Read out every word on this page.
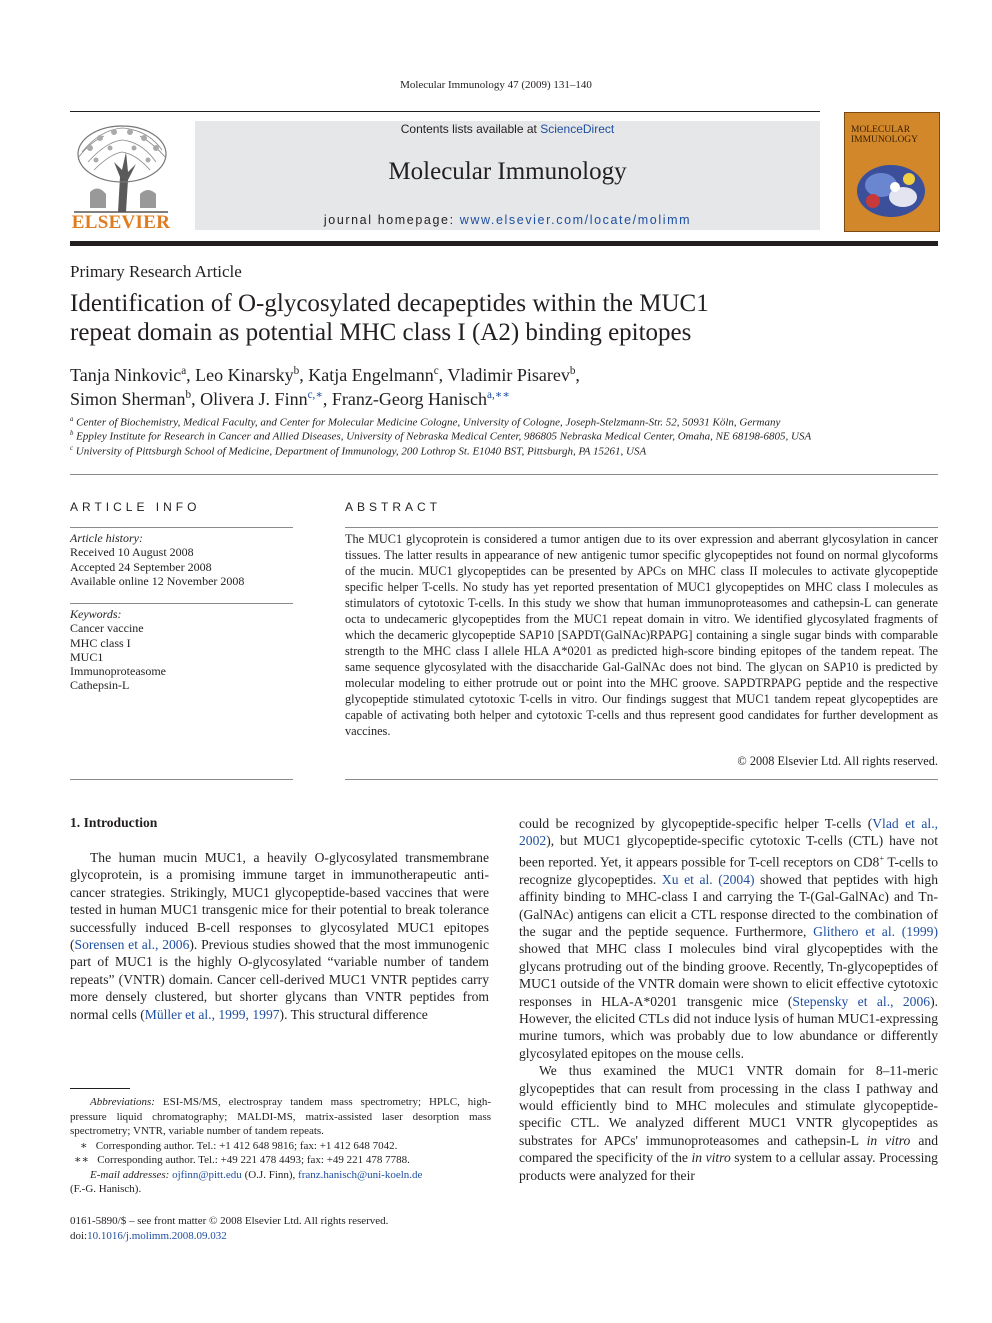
Molecular Immunology 47 (2009) 131–140
ELSEVIER
Contents lists available at ScienceDirect
Molecular Immunology
journal homepage: www.elsevier.com/locate/molimm
MOLECULAR IMMUNOLOGY
Primary Research Article
Identification of O-glycosylated decapeptides within the MUC1
repeat domain as potential MHC class I (A2) binding epitopes
Tanja Ninkovic$^a$, Leo Kinarsky$^b$, Katja Engelmann$^c$, Vladimir Pisarev$^b$,
Simon Sherman$^b$, Olivera J. Finn$^{c,∗}$, Franz-Georg Hanisch$^{a,∗∗}$
$^a$ Center of Biochemistry, Medical Faculty, and Center for Molecular Medicine Cologne, University of Cologne, Joseph-Stelzmann-Str. 52, 50931 Köln, Germany
$^b$ Eppley Institute for Research in Cancer and Allied Diseases, University of Nebraska Medical Center, 986805 Nebraska Medical Center, Omaha, NE 68198-6805, USA
$^c$ University of Pittsburgh School of Medicine, Department of Immunology, 200 Lothrop St. E1040 BST, Pittsburgh, PA 15261, USA
ARTICLE INFO
Article history:
Received 10 August 2008
Accepted 24 September 2008
Available online 12 November 2008
Keywords:
Cancer vaccine
MHC class I
MUC1
Immunoproteasome
Cathepsin-L
ABSTRACT
The MUC1 glycoprotein is considered a tumor antigen due to its over expression and aberrant glycosylation in cancer tissues. The latter results in appearance of new antigenic tumor specific glycopeptides not found on normal glycoforms of the mucin. MUC1 glycopeptides can be presented by APCs on MHC class II molecules to activate glycopeptide specific helper T-cells. No study has yet reported presentation of MUC1 glycopeptides on MHC class I molecules as stimulators of cytotoxic T-cells. In this study we show that human immunoproteasomes and cathepsin-L can generate octa to undecameric glycopeptides from the MUC1 repeat domain in vitro. We identified glycosylated fragments of which the decameric glycopeptide SAP10 [SAPDT(GalNAc)RPAPG] containing a single sugar binds with comparable strength to the MHC class I allele HLA A*0201 as predicted high-score binding epitopes of the tandem repeat. The same sequence glycosylated with the disaccharide Gal-GalNAc does not bind. The glycan on SAP10 is predicted by molecular modeling to either protrude out or point into the MHC groove. SAPDTRPAPG peptide and the respective glycopeptide stimulated cytotoxic T-cells in vitro. Our findings suggest that MUC1 tandem repeat glycopeptides are capable of activating both helper and cytotoxic T-cells and thus represent good candidates for further development as vaccines.
© 2008 Elsevier Ltd. All rights reserved.
1. Introduction

The human mucin MUC1, a heavily O-glycosylated transmembrane glycoprotein, is a promising immune target in immunotherapeutic anti-cancer strategies. Strikingly, MUC1 glycopeptide-based vaccines that were tested in human MUC1 transgenic mice for their potential to break tolerance successfully induced B-cell responses to glycosylated MUC1 epitopes (Sorensen et al., 2006). Previous studies showed that the most immunogenic part of MUC1 is the highly O-glycosylated “variable number of tandem repeats” (VNTR) domain. Cancer cell-derived MUC1 VNTR peptides carry more densely clustered, but shorter glycans than VNTR peptides from normal cells (Müller et al., 1999, 1997). This structural difference

Abbreviations: ESI-MS/MS, electrospray tandem mass spectrometry; HPLC, high-pressure liquid chromatography; MALDI-MS, matrix-assisted laser desorption mass spectrometry; VNTR, variable number of tandem repeats.

∗ Corresponding author. Tel.: +1 412 648 9816; fax: +1 412 648 7042.

∗∗ Corresponding author. Tel.: +49 221 478 4493; fax: +49 221 478 7788.

E-mail addresses: ojfinn@pitt.edu (O.J. Finn), franz.hanisch@uni-koeln.de

(F.-G. Hanisch).

0161-5890/$ – see front matter © 2008 Elsevier Ltd. All rights reserved.
doi:10.1016/j.molimm.2008.09.032

could be recognized by glycopeptide-specific helper T-cells (Vlad et al., 2002), but MUC1 glycopeptide-specific cytotoxic T-cells (CTL) have not been reported. Yet, it appears possible for T-cell receptors on CD8+ T-cells to recognize glycopeptides. Xu et al. (2004) showed that peptides with high affinity binding to MHC-class I and carrying the T-(Gal-GalNAc) and Tn-(GalNAc) antigens can elicit a CTL response directed to the combination of the sugar and the peptide sequence. Furthermore, Glithero et al. (1999) showed that MHC class I molecules bind viral glycopeptides with the glycans protruding out of the binding groove. Recently, Tn-glycopeptides of MUC1 outside of the VNTR domain were shown to elicit effective cytotoxic responses in HLA-A*0201 transgenic mice (Stepensky et al., 2006). However, the elicited CTLs did not induce lysis of human MUC1-expressing murine tumors, which was probably due to low abundance or differently glycosylated epitopes on the mouse cells.

We thus examined the MUC1 VNTR domain for 8–11-meric glycopeptides that can result from processing in the class I pathway and would efficiently bind to MHC molecules and stimulate glycopeptide-specific CTL. We analyzed different MUC1 VNTR glycopeptides as substrates for APCs' immunoproteasomes and cathepsin-L in vitro and compared the specificity of the in vitro system to a cellular assay. Processing products were analyzed for their
